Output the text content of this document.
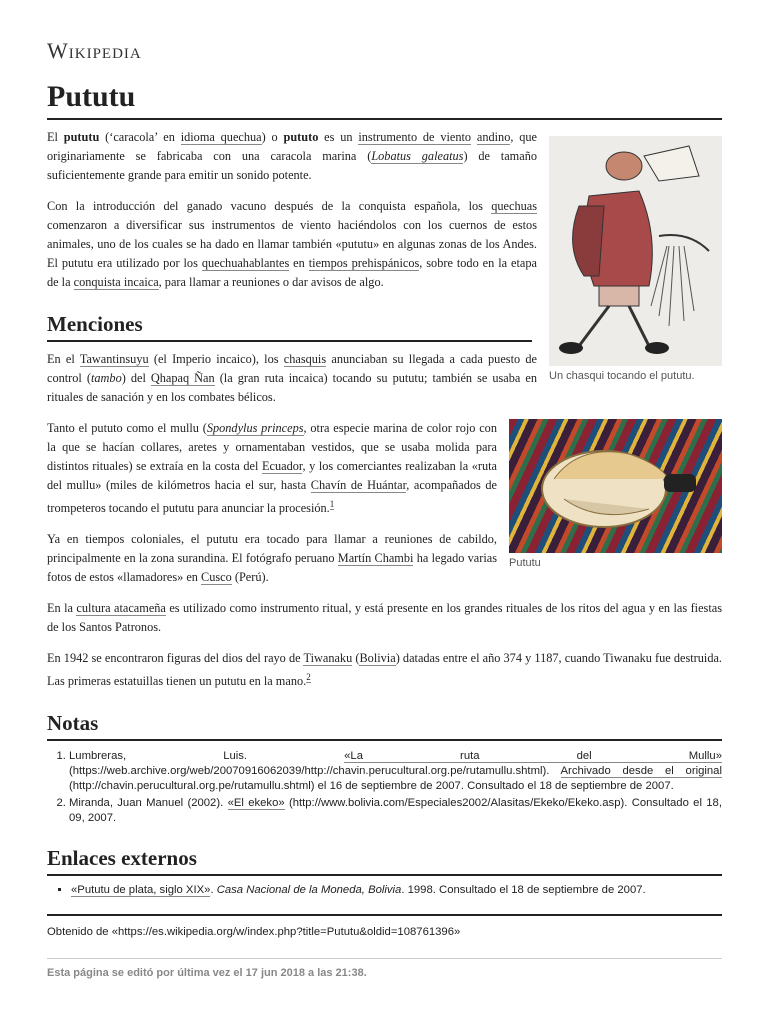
Wikipedia
Pututu
Un chasqui tocando el pututu.

El pututu (‘caracola’ en idioma quechua) o pututo es un instrumento de viento andino, que originariamente se fabricaba con una caracola marina (Lobatus galeatus) de tamaño suficientemente grande para emitir un sonido potente.

Con la introducción del ganado vacuno después de la conquista española, los quechuas comenzaron a diversificar sus instrumentos de viento haciéndolos con los cuernos de estos animales, uno de los cuales se ha dado en llamar también «pututu» en algunas zonas de los Andes. El pututu era utilizado por los quechuahablantes en tiempos prehispánicos, sobre todo en la etapa de la conquista incaica, para llamar a reuniones o dar avisos de algo.

Menciones

En el Tawantinsuyu (el Imperio incaico), los chasquis anunciaban su llegada a cada puesto de control (tambo) del Qhapaq Ñan (la gran ruta incaica) tocando su pututu; también se usaba en rituales de sanación y en los combates bélicos.

Pututu

Tanto el pututo como el mullu (Spondylus princeps, otra especie marina de color rojo con la que se hacían collares, aretes y ornamentaban vestidos, que se usaba molida para distintos rituales) se extraía en la costa del Ecuador, y los comerciantes realizaban la «ruta del mullu» (miles de kilómetros hacia el sur, hasta Chavín de Huántar, acompañados de trompeteros tocando el pututu para anunciar la procesión.$^1$

Ya en tiempos coloniales, el pututu era tocado para llamar a reuniones de cabildo, principalmente en la zona surandina. El fotógrafo peruano Martín Chambi ha legado varias fotos de estos «llamadores» en Cusco (Perú).

En la cultura atacameña es utilizado como instrumento ritual, y está presente en los grandes rituales de los ritos del agua y en las fiestas de los Santos Patronos.

En 1942 se encontraron figuras del dios del rayo de Tiwanaku (Bolivia) datadas entre el año 374 y 1187, cuando Tiwanaku fue destruida. Las primeras estatuillas tienen un pututu en la mano.$^2$

Notas
1. Lumbreras, Luis. «La ruta del Mullu» (https://web.archive.org/web/20070916062039/http://chavin.perucultural.org.pe/rutamullu.shtml). Archivado desde el original (http://chavin.perucultural.org.pe/rutamullu.shtml) el 16 de septiembre de 2007. Consultado el 18 de septiembre de 2007.
2. Miranda, Juan Manuel (2002). «El ekeko» (http://www.bolivia.com/Especiales2002/Alasitas/Ekeko/Ekeko.asp). Consultado el 18, 09, 2007.
Enlaces externos
▪ «Pututu de plata, siglo XIX». Casa Nacional de la Moneda, Bolivia. 1998. Consultado el 18 de septiembre de 2007.
Obtenido de «https://es.wikipedia.org/w/index.php?title=Pututu&oldid=108761396»
Esta página se editó por última vez el 17 jun 2018 a las 21:38.
